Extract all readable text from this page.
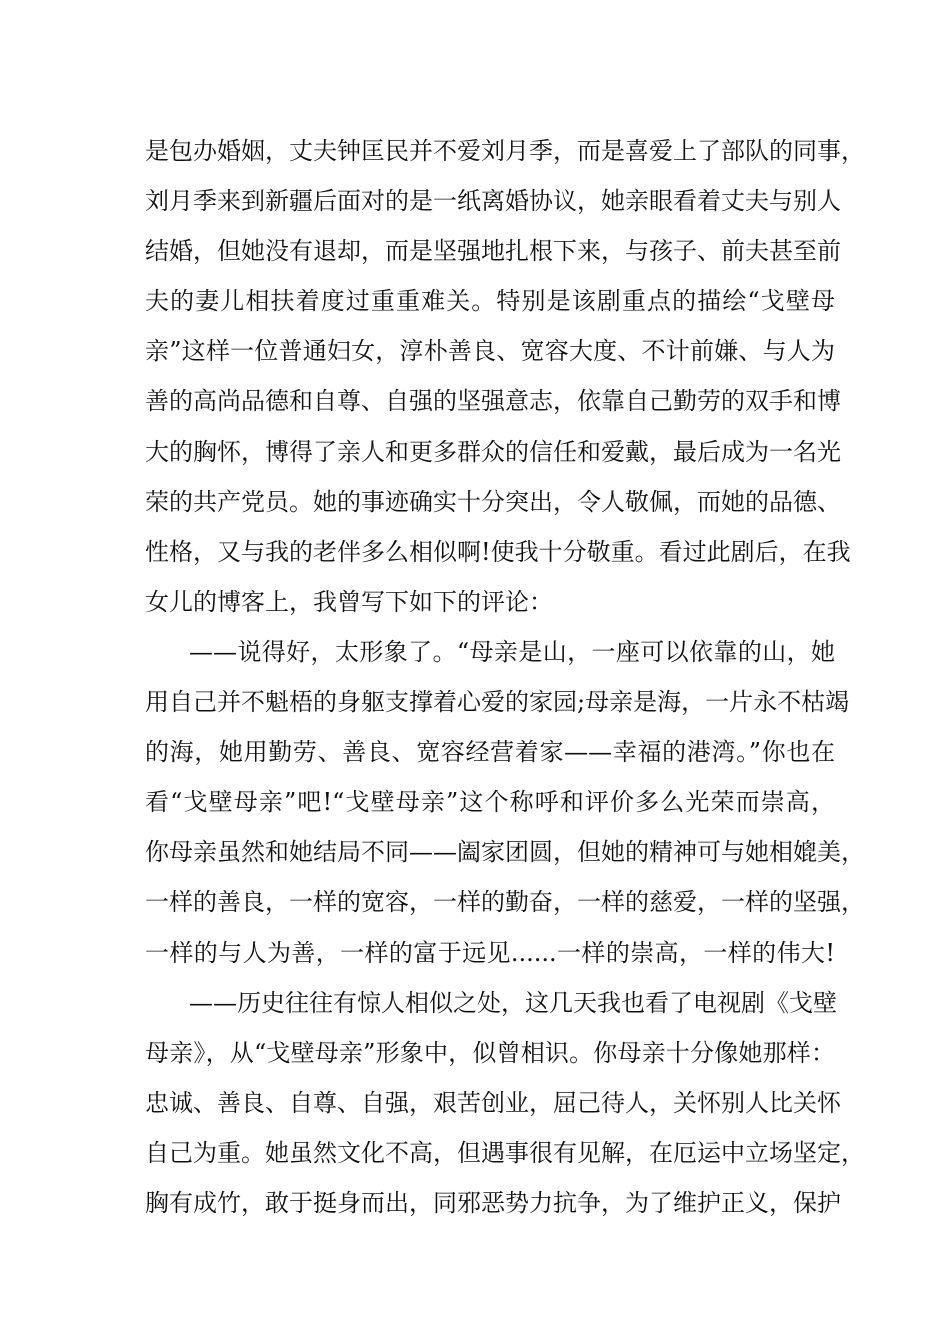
是包办婚姻，丈夫钟匡民并不爱刘月季，而是喜爱上了部队的同事，
刘月季来到新疆后面对的是一纸离婚协议，她亲眼看着丈夫与别人
结婚，但她没有退却，而是坚强地扎根下来，与孩子、前夫甚至前
夫的妻儿相扶着度过重重难关。特别是该剧重点的描绘“戈壁母
亲”这样一位普通妇女，淳朴善良、宽容大度、不计前嫌、与人为
善的高尚品德和自尊、自强的坚强意志，依靠自己勤劳的双手和博
大的胸怀，博得了亲人和更多群众的信任和爱戴，最后成为一名光
荣的共产党员。她的事迹确实十分突出，令人敬佩，而她的品德、
性格，又与我的老伴多么相似啊!使我十分敬重。看过此剧后，在我
女儿的博客上，我曾写下如下的评论：
——说得好，太形象了。“母亲是山，一座可以依靠的山，她
用自己并不魁梧的身躯支撑着心爱的家园;母亲是海，一片永不枯竭
的海，她用勤劳、善良、宽容经营着家——幸福的港湾。”你也在
看“戈壁母亲”吧!“戈壁母亲”这个称呼和评价多么光荣而崇高，
你母亲虽然和她结局不同——阖家团圆，但她的精神可与她相媲美，
一样的善良，一样的宽容，一样的勤奋，一样的慈爱，一样的坚强，
一样的与人为善，一样的富于远见......一样的崇高，一样的伟大!
——历史往往有惊人相似之处，这几天我也看了电视剧《戈壁
母亲》，从“戈壁母亲”形象中，似曾相识。你母亲十分像她那样：
忠诚、善良、自尊、自强，艰苦创业，屈己待人，关怀别人比关怀
自己为重。她虽然文化不高，但遇事很有见解，在厄运中立场坚定，
胸有成竹，敢于挺身而出，同邪恶势力抗争，为了维护正义，保护
